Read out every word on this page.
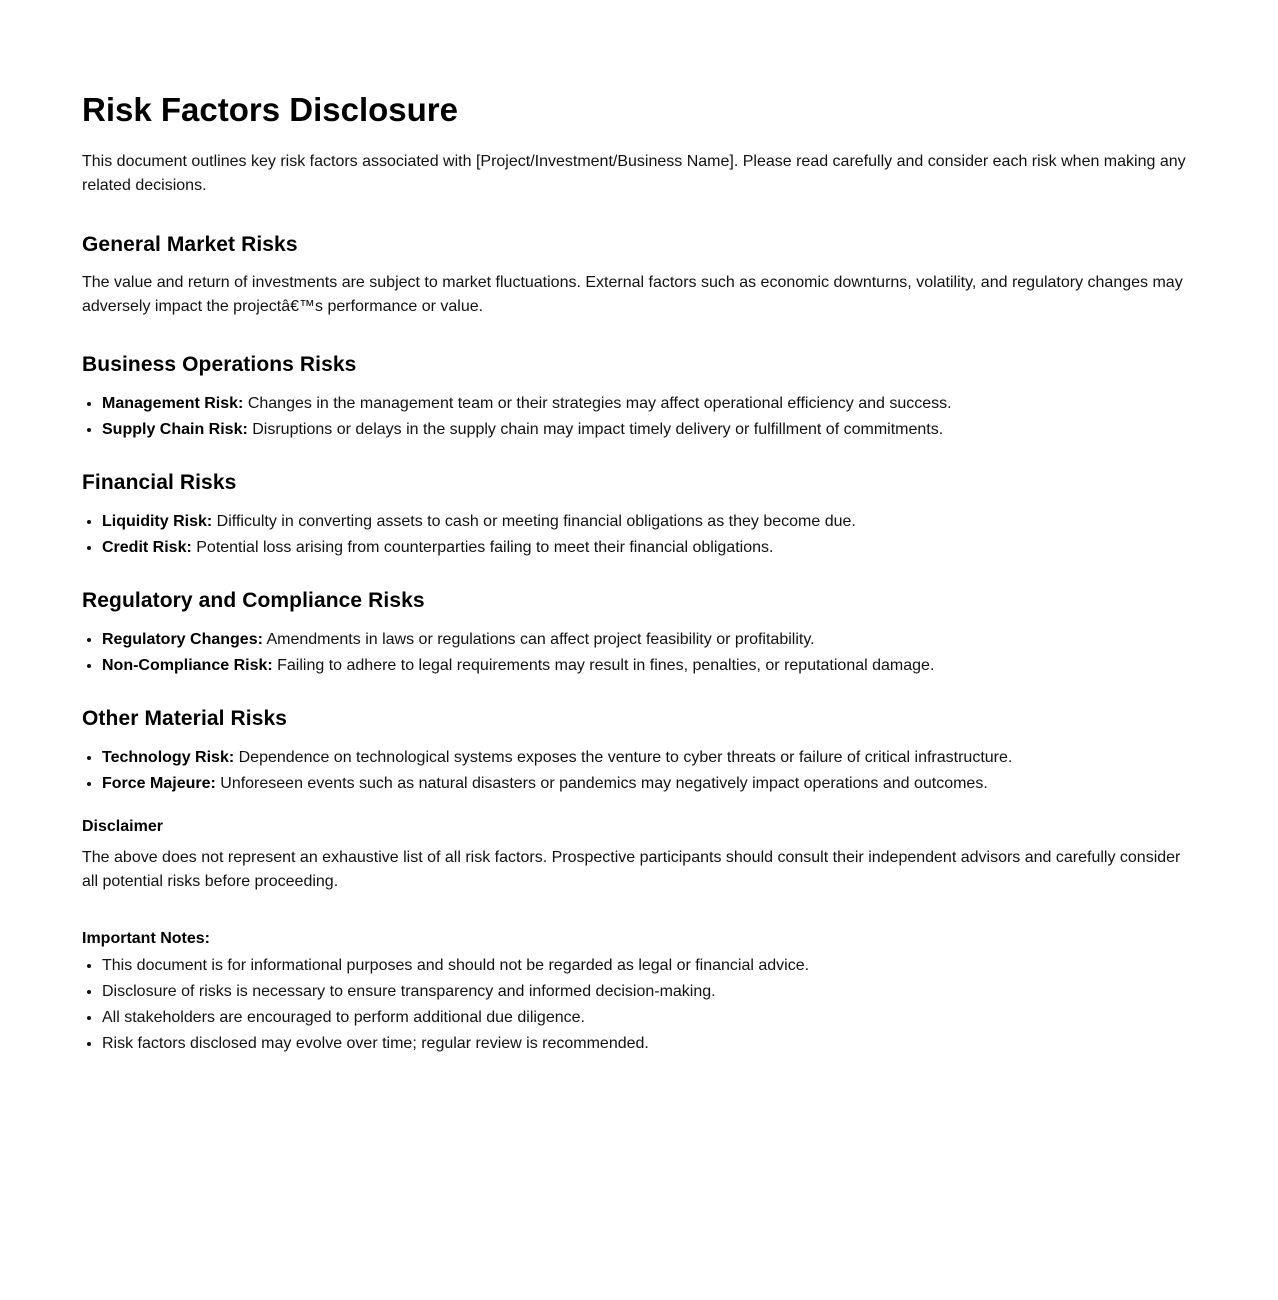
Risk Factors Disclosure

This document outlines key risk factors associated with [Project/Investment/Business Name]. Please read carefully and consider each risk when making any related decisions.

General Market Risks

The value and return of investments are subject to market fluctuations. External factors such as economic downturns, volatility, and regulatory changes may adversely impact the projectâ€™s performance or value.

Business Operations Risks
• Management Risk: Changes in the management team or their strategies may affect operational efficiency and success.
• Supply Chain Risk: Disruptions or delays in the supply chain may impact timely delivery or fulfillment of commitments.
Financial Risks
• Liquidity Risk: Difficulty in converting assets to cash or meeting financial obligations as they become due.
• Credit Risk: Potential loss arising from counterparties failing to meet their financial obligations.
Regulatory and Compliance Risks
• Regulatory Changes: Amendments in laws or regulations can affect project feasibility or profitability.
• Non-Compliance Risk: Failing to adhere to legal requirements may result in fines, penalties, or reputational damage.
Other Material Risks
• Technology Risk: Dependence on technological systems exposes the venture to cyber threats or failure of critical infrastructure.
• Force Majeure: Unforeseen events such as natural disasters or pandemics may negatively impact operations and outcomes.
Disclaimer

The above does not represent an exhaustive list of all risk factors. Prospective participants should consult their independent advisors and carefully consider all potential risks before proceeding.

Important Notes:
• This document is for informational purposes and should not be regarded as legal or financial advice.
• Disclosure of risks is necessary to ensure transparency and informed decision-making.
• All stakeholders are encouraged to perform additional due diligence.
• Risk factors disclosed may evolve over time; regular review is recommended.
